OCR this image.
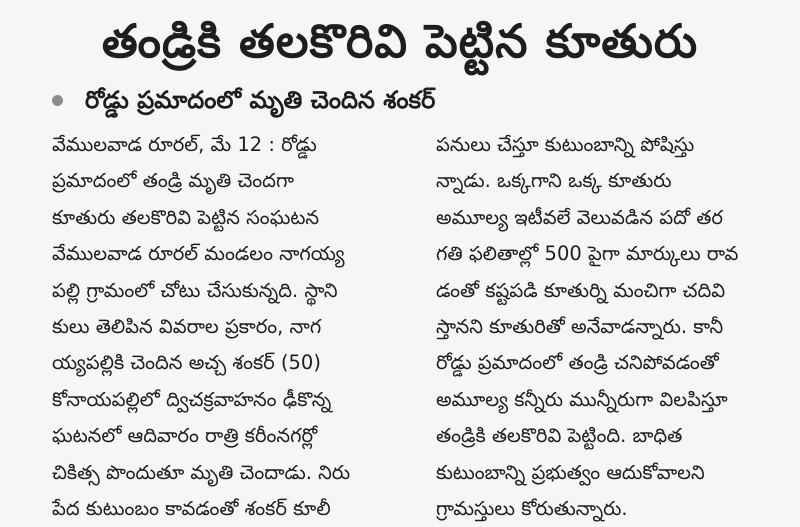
తండ్రికి తలకొరివి పెట్టిన కూతురు
రోడ్డు ప్రమాదంలో మృతి చెందిన శంకర్
వేములవాడ రూరల్, మే 12 : రోడ్డు
ప్రమాదంలో తండ్రి మృతి చెందగా
కూతురు తలకొరివి పెట్టిన సంఘటన
వేములవాడ రూరల్ మండలం నాగయ్య
పల్లి గ్రామంలో చోటు చేసుకున్నది. స్థాని
కులు తెలిపిన వివరాల ప్రకారం, నాగ
య్యపల్లికి చెందిన అచ్చ శంకర్ (50)
కోనాయపల్లిలో ద్విచక్రవాహనం ఢీకొన్న
ఘటనలో ఆదివారం రాత్రి కరీంనగర్లో
చికిత్స పొందుతూ మృతి చెందాడు. నిరు
పేద కుటుంబం కావడంతో శంకర్ కూలీ
పనులు చేస్తూ కుటుంబాన్ని పోషిస్తు
న్నాడు. ఒక్కగాని ఒక్క కూతురు
అమూల్య ఇటీవలే వెలువడిన పదో తర
గతి ఫలితాల్లో 500 పైగా మార్కులు రావ
డంతో కష్టపడి కూతుర్ని మంచిగా చదివి
స్తానని కూతురితో అనేవాడన్నారు. కానీ
రోడ్డు ప్రమాదంలో తండ్రి చనిపోవడంతో
అమూల్య కన్నీరు మున్నీరుగా విలపిస్తూ
తండ్రికి తలకొరివి పెట్టింది. బాధిత
కుటుంబాన్ని ప్రభుత్వం ఆదుకోవాలని
గ్రామస్తులు కోరుతున్నారు.
